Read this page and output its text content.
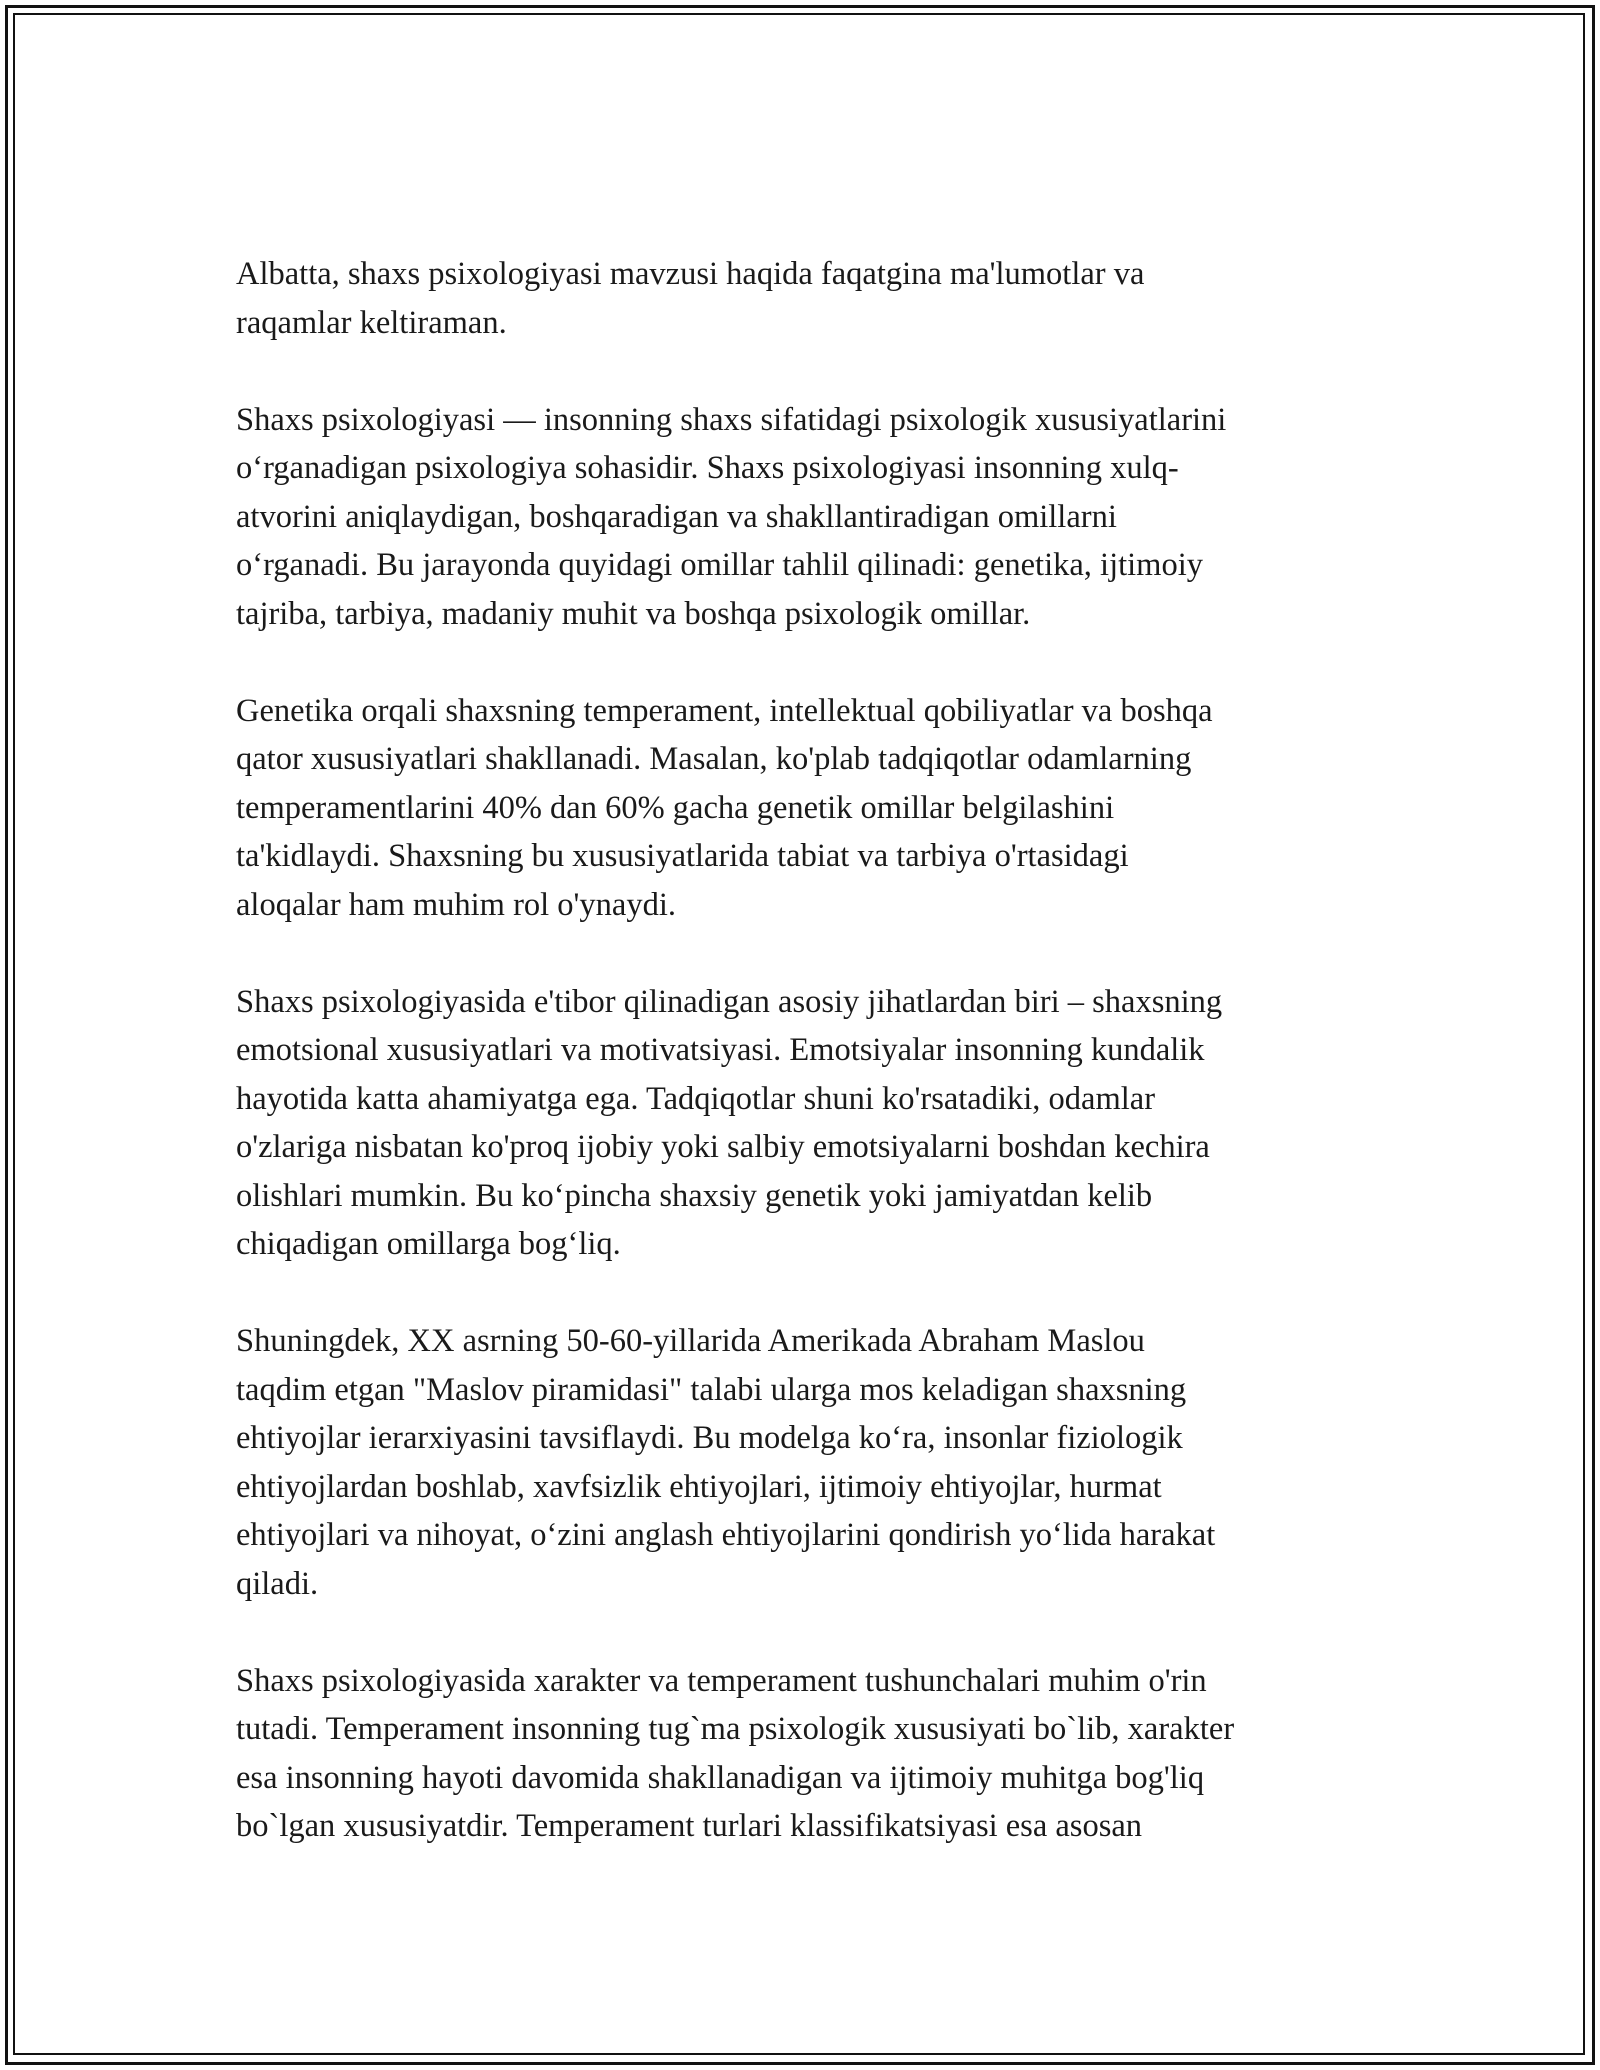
Albatta, shaxs psixologiyasi mavzusi haqida faqatgina ma'lumotlar va
raqamlar keltiraman.

Shaxs psixologiyasi — insonning shaxs sifatidagi psixologik xususiyatlarini
o‘rganadigan psixologiya sohasidir. Shaxs psixologiyasi insonning xulq-
atvorini aniqlaydigan, boshqaradigan va shakllantiradigan omillarni
o‘rganadi. Bu jarayonda quyidagi omillar tahlil qilinadi: genetika, ijtimoiy
tajriba, tarbiya, madaniy muhit va boshqa psixologik omillar.

Genetika orqali shaxsning temperament, intellektual qobiliyatlar va boshqa
qator xususiyatlari shakllanadi. Masalan, ko'plab tadqiqotlar odamlarning
temperamentlarini 40% dan 60% gacha genetik omillar belgilashini
ta'kidlaydi. Shaxsning bu xususiyatlarida tabiat va tarbiya o'rtasidagi
aloqalar ham muhim rol o'ynaydi.

Shaxs psixologiyasida e'tibor qilinadigan asosiy jihatlardan biri – shaxsning
emotsional xususiyatlari va motivatsiyasi. Emotsiyalar insonning kundalik
hayotida katta ahamiyatga ega. Tadqiqotlar shuni ko'rsatadiki, odamlar
o'zlariga nisbatan ko'proq ijobiy yoki salbiy emotsiyalarni boshdan kechira
olishlari mumkin. Bu ko‘pincha shaxsiy genetik yoki jamiyatdan kelib
chiqadigan omillarga bog‘liq.

Shuningdek, XX asrning 50-60-yillarida Amerikada Abraham Maslou
taqdim etgan "Maslov piramidasi" talabi ularga mos keladigan shaxsning
ehtiyojlar ierarxiyasini tavsiflaydi. Bu modelga ko‘ra, insonlar fiziologik
ehtiyojlardan boshlab, xavfsizlik ehtiyojlari, ijtimoiy ehtiyojlar, hurmat
ehtiyojlari va nihoyat, o‘zini anglash ehtiyojlarini qondirish yo‘lida harakat
qiladi.

Shaxs psixologiyasida xarakter va temperament tushunchalari muhim o'rin
tutadi. Temperament insonning tug`ma psixologik xususiyati bo`lib, xarakter
esa insonning hayoti davomida shakllanadigan va ijtimoiy muhitga bog'liq
bo`lgan xususiyatdir. Temperament turlari klassifikatsiyasi esa asosan
